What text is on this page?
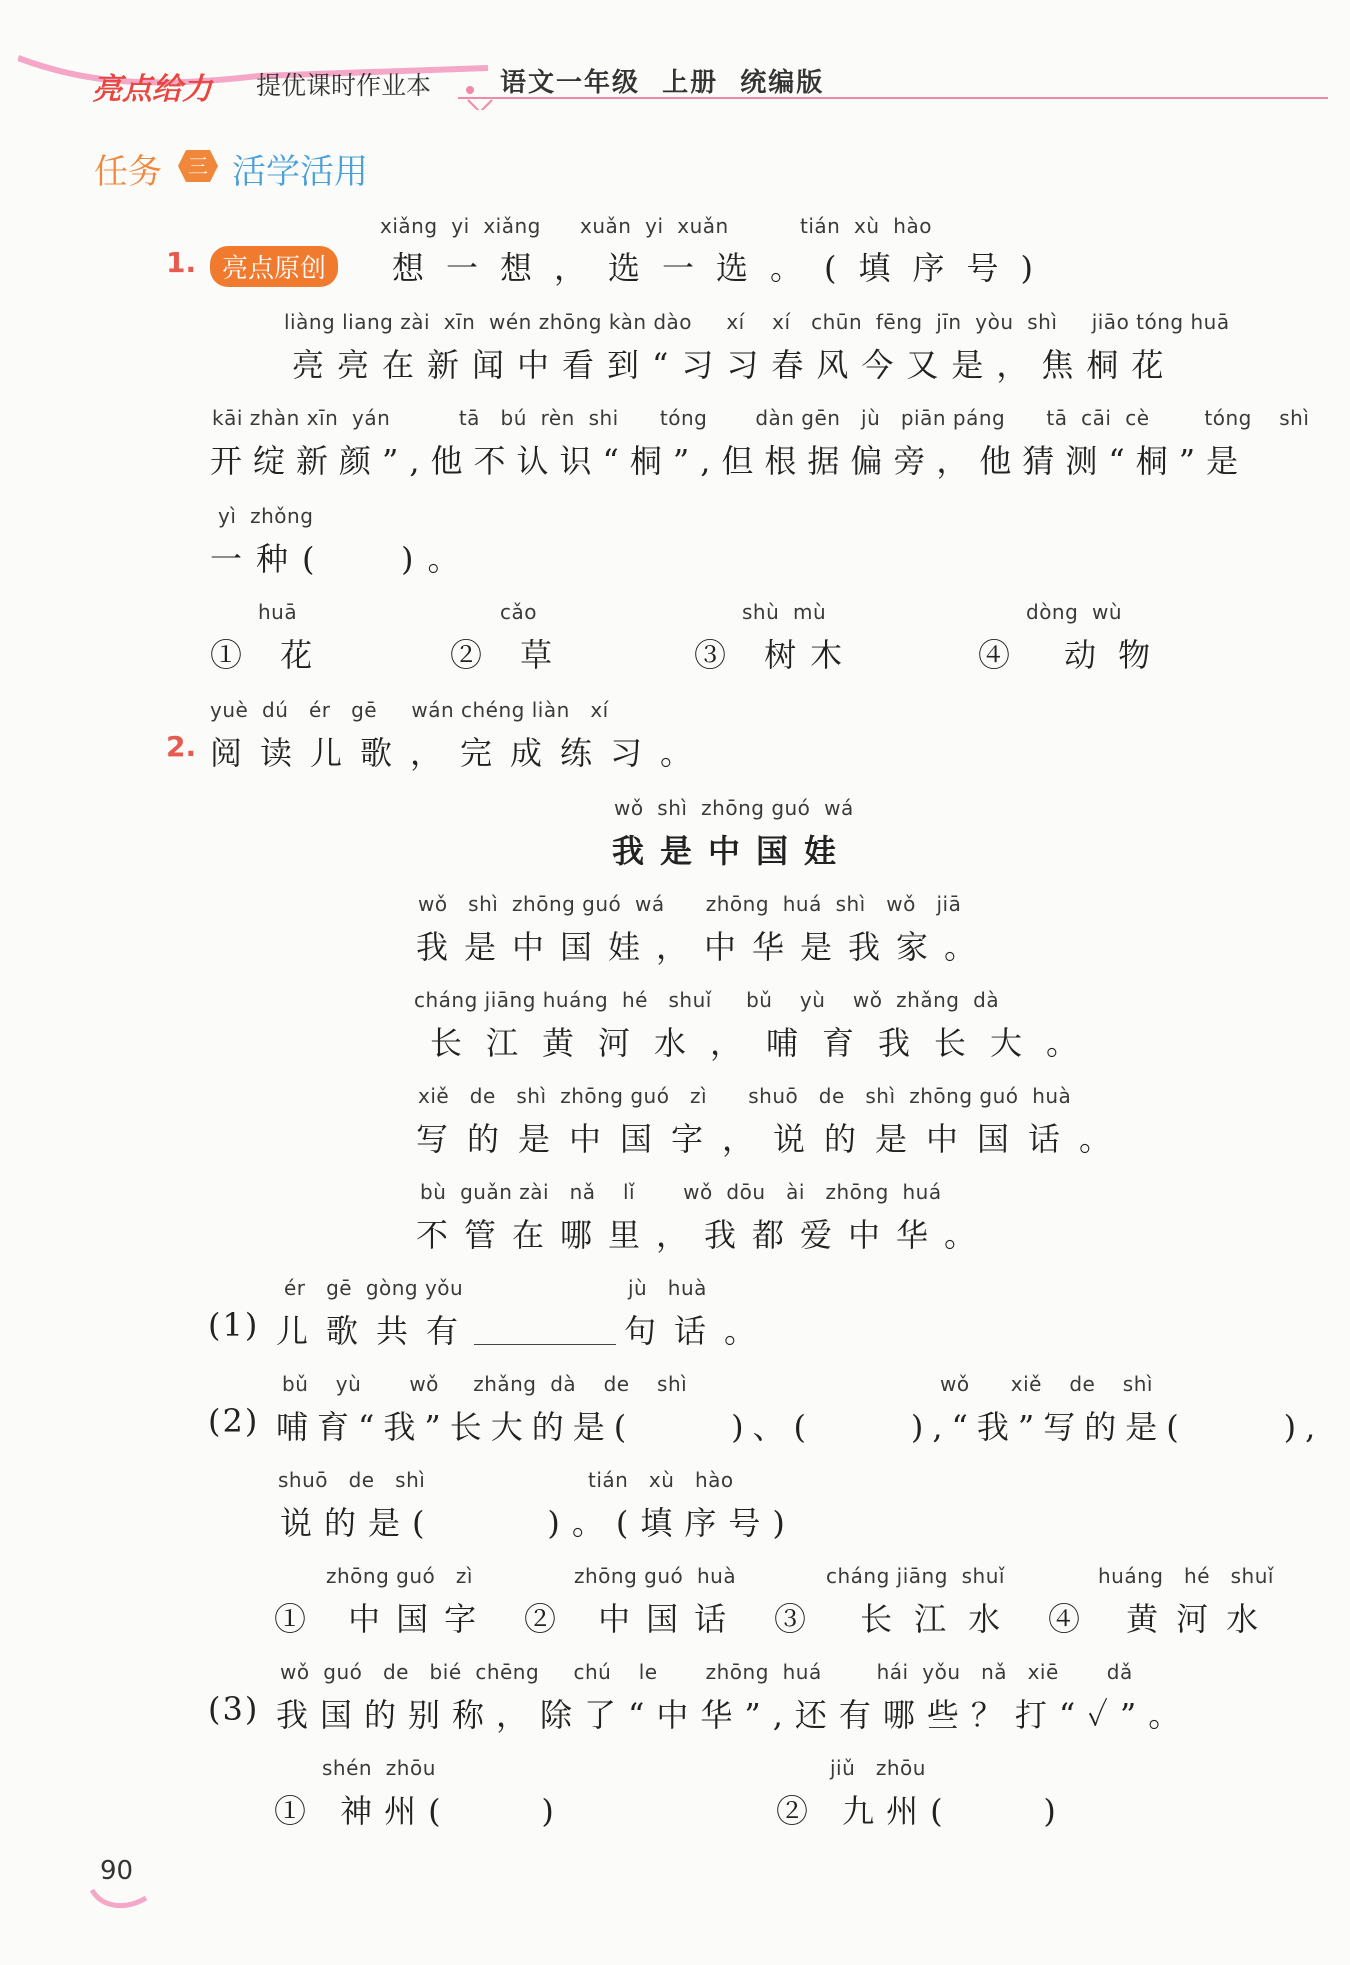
亮点给力 提优课时作业本	语文一年级  上册  统编版
任务	三 活学活用
xiǎng  yi  xiǎng xuǎn  yi  xuǎn	tián  xù  hào
1. 亮点原创	想一想，选一选。(填序号)
liàng liang zài  xīn  wén zhōng kàn dào     xí    xí   chūn  fēng  jīn  yòu  shì     jiāo tóng huā
亮亮在新闻中看到“习习春风今又是，焦桐花
kāi zhàn xīn  yán          tā   bú  rèn  shi      tóng       dàn gēn   jù   piān páng      tā  cāi  cè        tóng    shì
开绽新颜”,他不认识“桐”,但根据偏旁，他猜测“桐”是
yì  zhǒng
一种(   )。
huā
① 花
cǎo
② 草
shù  mù
③ 树木
dòng  wù
④ 动物
yuè  dú   ér   gē     wán chéng liàn   xí
2. 阅读儿歌，完成练习。
wǒ  shì  zhōng guó  wá
我是中国娃
wǒ   shì  zhōng guó  wá      zhōng  huá  shì   wǒ   jiā
我是中国娃，中华是我家。
cháng jiāng huáng  hé   shuǐ     bǔ    yù    wǒ  zhǎng  dà
长江黄河水，哺育我长大。
xiě   de   shì  zhōng guó   zì      shuō   de   shì  zhōng guó  huà
写的是中国字，说的是中国话。
bù  guǎn zài   nǎ    lǐ       wǒ  dōu   ài   zhōng  huá
不管在哪里，我都爱中华。
ér   gē  gòng yǒu	jù   huà
(1) 儿歌共有	句话。
bǔ    yù       wǒ     zhǎng  dà    de    shì	wǒ      xiě    de    shì
(2) 哺育“我”长大的是(     )、(     ),“我”写的是(     ),
shuō   de   shì	tián   xù   hào
说的是(     )。(填序号)
zhōng guó   zì
① 中国字
zhōng guó  huà
② 中国话
cháng jiāng  shuǐ
③ 长江水
huáng   hé   shuǐ
④ 黄河水
wǒ  guó   de   bié  chēng     chú    le       zhōng  huá        hái  yǒu   nǎ   xiē       dǎ
(3) 我国的别称，除了“中华”,还有哪些？打“✓”。
shén  zhōu
① 神州(    )
jiǔ   zhōu
② 九州(    )
90
